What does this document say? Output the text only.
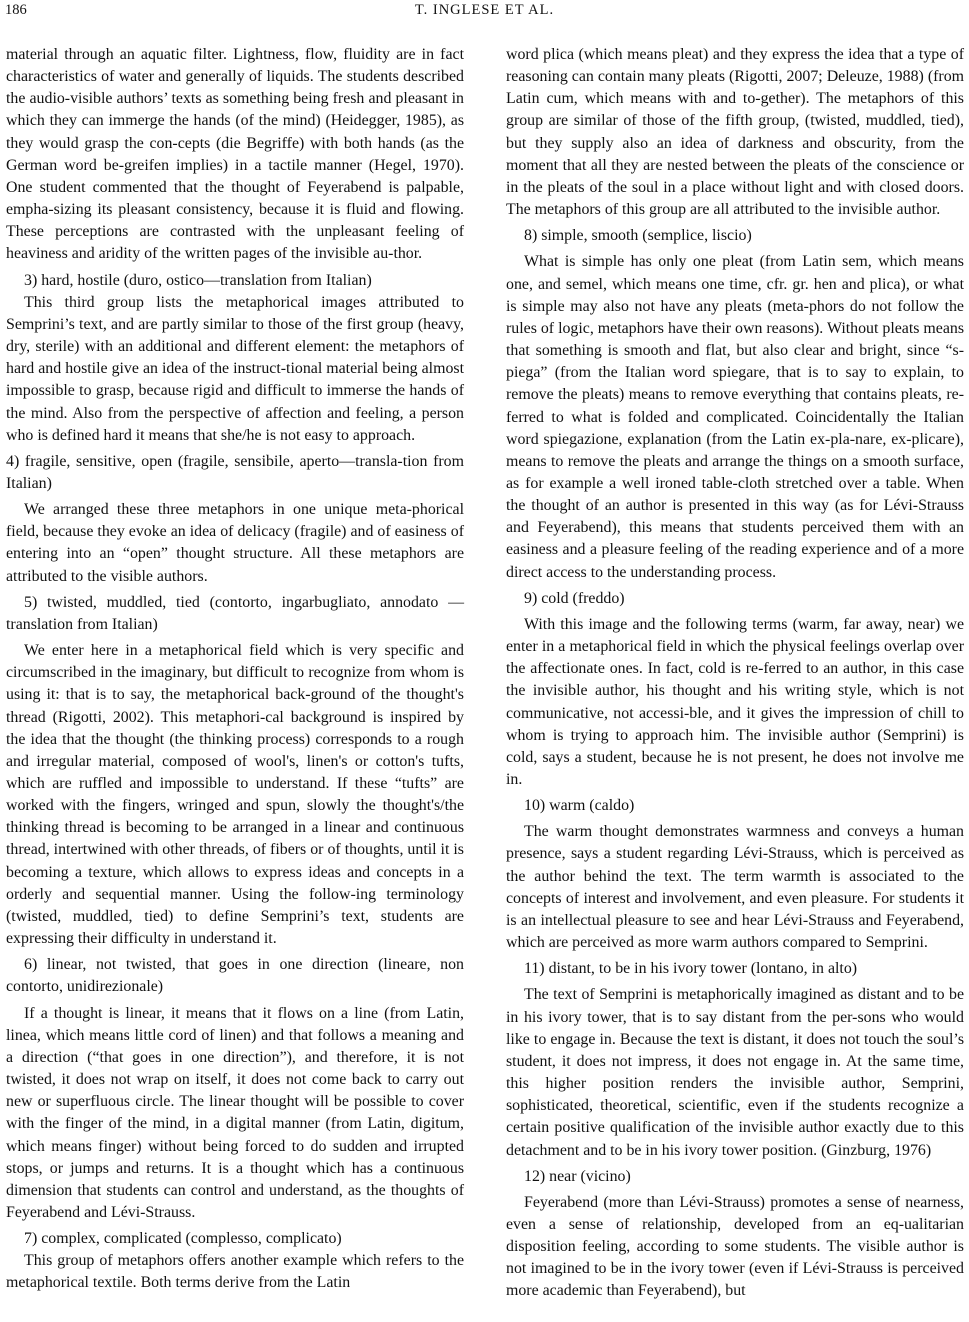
186	T. INGLESE ET AL.

material through an aquatic filter. Lightness, flow, fluidity are in fact characteristics of water and generally of liquids. The students described the audio-visible authors’ texts as something being fresh and pleasant in which they can immerge the hands (of the mind) (Heidegger, 1985), as they would grasp the con-cepts (die Begriffe) with both hands (as the German word be-greifen implies) in a tactile manner (Hegel, 1970). One student commented that the thought of Feyerabend is palpable, empha-sizing its pleasant consistency, because it is fluid and flowing. These perceptions are contrasted with the unpleasant feeling of heaviness and aridity of the written pages of the invisible au-thor.

3) hard, hostile (duro, ostico—translation from Italian)

This third group lists the metaphorical images attributed to Semprini’s text, and are partly similar to those of the first group (heavy, dry, sterile) with an additional and different element: the metaphors of hard and hostile give an idea of the instruct-tional material being almost impossible to grasp, because rigid and difficult to immerse the hands of the mind. Also from the perspective of affection and feeling, a person who is defined hard it means that she/he is not easy to approach.

4) fragile, sensitive, open (fragile, sensibile, aperto—transla-tion from Italian)

We arranged these three metaphors in one unique meta-phorical field, because they evoke an idea of delicacy (fragile) and of easiness of entering into an “open” thought structure. All these metaphors are attributed to the visible authors.

5) twisted, muddled, tied (contorto, ingarbugliato, annodato —translation from Italian)

We enter here in a metaphorical field which is very specific and circumscribed in the imaginary, but difficult to recognize from whom is using it: that is to say, the metaphorical back-ground of the thought's thread (Rigotti, 2002). This metaphori-cal background is inspired by the idea that the thought (the thinking process) corresponds to a rough and irregular material, composed of wool's, linen's or cotton's tufts, which are ruffled and impossible to understand. If these “tufts” are worked with the fingers, wringed and spun, slowly the thought's/the thinking thread is becoming to be arranged in a linear and continuous thread, intertwined with other threads, of fibers or of thoughts, until it is becoming a texture, which allows to express ideas and concepts in a orderly and sequential manner. Using the follow-ing terminology (twisted, muddled, tied) to define Semprini’s text, students are expressing their difficulty in understand it.

6) linear, not twisted, that goes in one direction (lineare, non contorto, unidirezionale)

If a thought is linear, it means that it flows on a line (from Latin, linea, which means little cord of linen) and that follows a meaning and a direction (“that goes in one direction”), and therefore, it is not twisted, it does not wrap on itself, it does not come back to carry out new or superfluous circle. The linear thought will be possible to cover with the finger of the mind, in a digital manner (from Latin, digitum, which means finger) without being forced to do sudden and irrupted stops, or jumps and returns. It is a thought which has a continuous dimension that students can control and understand, as the thoughts of Feyerabend and Lévi-Strauss.

7) complex, complicated (complesso, complicato)

This group of metaphors offers another example which refers to the metaphorical textile. Both terms derive from the Latin

word plica (which means pleat) and they express the idea that a type of reasoning can contain many pleats (Rigotti, 2007; Deleuze, 1988) (from Latin cum, which means with and to-gether). The metaphors of this group are similar of those of the fifth group, (twisted, muddled, tied), but they supply also an idea of darkness and obscurity, from the moment that all they are nested between the pleats of the conscience or in the pleats of the soul in a place without light and with closed doors. The metaphors of this group are all attributed to the invisible author.

8) simple, smooth (semplice, liscio)

What is simple has only one pleat (from Latin sem, which means one, and semel, which means one time, cfr. gr. hen and plica), or what is simple may also not have any pleats (meta-phors do not follow the rules of logic, metaphors have their own reasons). Without pleats means that something is smooth and flat, but also clear and bright, since “s- piega” (from the Italian word spiegare, that is to say to explain, to remove the pleats) means to remove everything that contains pleats, re-ferred to what is folded and complicated. Coincidentally the Italian word spiegazione, explanation (from the Latin ex-pla-nare, ex-plicare), means to remove the pleats and arrange the things on a smooth surface, as for example a well ironed table-cloth stretched over a table. When the thought of an author is presented in this way (as for Lévi-Strauss and Feyerabend), this means that students perceived them with an easiness and a pleasure feeling of the reading experience and of a more direct access to the understanding process.

9) cold (freddo)

With this image and the following terms (warm, far away, near) we enter in a metaphorical field in which the physical feelings overlap over the affectionate ones. In fact, cold is re-ferred to an author, in this case the invisible author, his thought and his writing style, which is not communicative, not accessi-ble, and it gives the impression of chill to whom is trying to approach him. The invisible author (Semprini) is cold, says a student, because he is not present, he does not involve me in.

10) warm (caldo)

The warm thought demonstrates warmness and conveys a human presence, says a student regarding Lévi-Strauss, which is perceived as the author behind the text. The term warmth is associated to the concepts of interest and involvement, and even pleasure. For students it is an intellectual pleasure to see and hear Lévi-Strauss and Feyerabend, which are perceived as more warm authors compared to Semprini.

11) distant, to be in his ivory tower (lontano, in alto)

The text of Semprini is metaphorically imagined as distant and to be in his ivory tower, that is to say distant from the per-sons who would like to engage in. Because the text is distant, it does not touch the soul’s student, it does not impress, it does not engage in. At the same time, this higher position renders the invisible author, Semprini, sophisticated, theoretical, scientific, even if the students recognize a certain positive qualification of the invisible author exactly due to this detachment and to be in his ivory tower position. (Ginzburg, 1976)

12) near (vicino)

Feyerabend (more than Lévi-Strauss) promotes a sense of nearness, even a sense of relationship, developed from an eq-ualitarian disposition feeling, according to some students. The visible author is not imagined to be in the ivory tower (even if Lévi-Strauss is perceived more academic than Feyerabend), but
